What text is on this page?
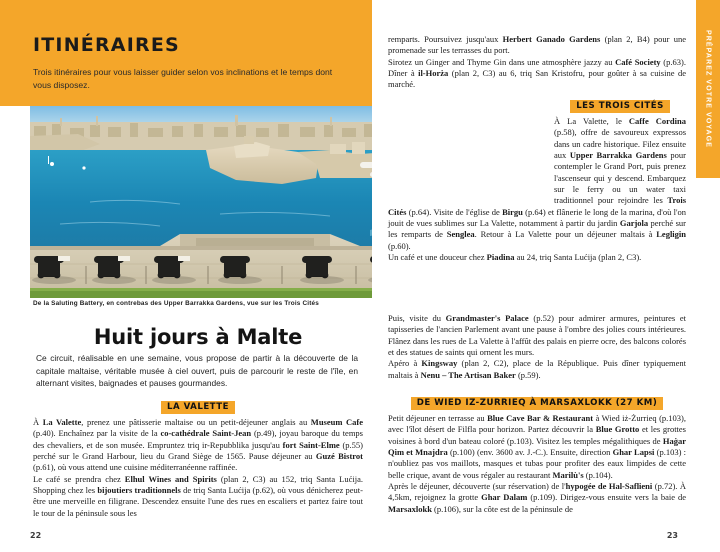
ITINÉRAIRES
Trois itinéraires pour vous laisser guider selon vos inclinations et le temps dont vous disposez.
De la Saluting Battery, en contrebas des Upper Barrakka Gardens, vue sur les Trois Cités
Huit jours à Malte
Ce circuit, réalisable en une semaine, vous propose de partir à la découverte de la capitale maltaise, véritable musée à ciel ouvert, puis de parcourir le reste de l'île, en alternant visites, baignades et pauses gourmandes.
LA VALETTE

À La Valette, prenez une pâtisserie maltaise ou un petit-déjeuner anglais au Museum Cafe (p.40). Enchaînez par la visite de la co-cathédrale Saint-Jean (p.49), joyau baroque du temps des chevaliers, et de son musée. Empruntez triq ir-Repubblika jusqu'au fort Saint-Elme (p.55) perché sur le Grand Harbour, lieu du Grand Siège de 1565. Pause déjeuner au Guzé Bistrot (p.61), où vous attend une cuisine méditerranéenne raffinée.

Le café se prendra chez Elhul Wines and Spirits (plan 2, C3) au 152, triq Santa Lućija. Shopping chez les bijoutiers traditionnels de triq Santa Lućija (p.62), où vous dénicherez peut-être une merveille en filigrane. Descendez ensuite l'une des rues en escaliers et partez faire tout le tour de la péninsule sous les

22

remparts. Poursuivez jusqu'aux Herbert Ganado Gardens (plan 2, B4) pour une promenade sur les terrasses du port.

Sirotez un Ginger and Thyme Gin dans une atmosphère jazzy au Café Society (p.63). Dîner à il-Horża (plan 2, C3) au 6, triq San Kristofru, pour goûter à sa cuisine de marché.

LES TROIS CITÉS

À La Valette, le Caffe Cordina (p.58), offre de savoureux expressos dans un cadre historique. Filez ensuite aux Upper Barrakka Gardens pour contempler le Grand Port, puis prenez l'ascenseur qui y descend. Embarquez sur le ferry ou un water taxi traditionnel pour rejoindre les Trois Cités (p.64). Visite de l'église de Birgu (p.64) et flânerie le long de la marina, d'où l'on jouit de vues sublimes sur La Valette, notamment à partir du jardin Garjola perché sur les remparts de Senglea. Retour à La Valette pour un déjeuner maltais à Legligin (p.60).

Un café et une douceur chez Piadina au 24, triq Santa Lućija (plan 2, C3).

Puis, visite du Grandmaster's Palace (p.52) pour admirer armures, peintures et tapisseries de l'ancien Parlement avant une pause à l'ombre des jolies cours intérieures. Flânez dans les rues de La Valette à l'affût des palais en pierre ocre, des balcons colorés et des statues de saints qui ornent les murs.

Apéro à Kingsway (plan 2, C2), place de la République. Puis dîner typiquement maltais à Nenu – The Artisan Baker (p.59).

DE WIED IZ-ZURRIEQ À MARSAXLOKK (27 KM)

Petit déjeuner en terrasse au Blue Cave Bar & Restaurant à Wied iż-Żurrieq (p.103), avec l'îlot désert de Filfla pour horizon. Partez découvrir la Blue Grotto et les grottes voisines à bord d'un bateau coloré (p.103). Visitez les temples mégalithiques de Haġar Qim et Mnajdra (p.100) (env. 3600 av. J.-C.). Ensuite, direction Ghar Lapsi (p.103) : n'oubliez pas vos maillots, masques et tubas pour profiter des eaux limpides de cette belle crique, avant de vous régaler au restaurant Marilù's (p.104).

Après le déjeuner, découverte (sur réservation) de l'hypogée de Hal-Saflieni (p.72). À 4,5km, rejoignez la grotte Ghar Dalam (p.109). Dirigez-vous ensuite vers la baie de Marsaxlokk (p.106), sur la côte est de la péninsule de

PRÉPAREZ VOTRE VOYAGE
23
